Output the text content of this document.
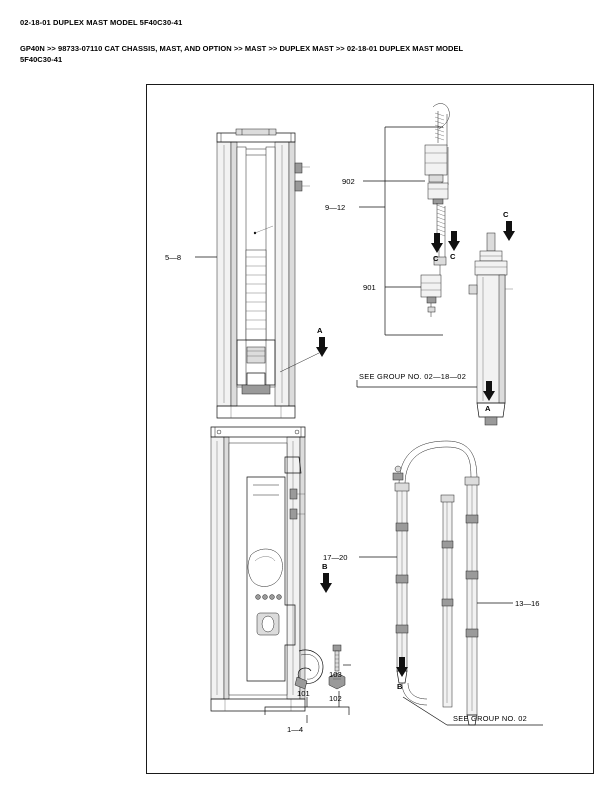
02-18-01 DUPLEX MAST MODEL 5F40C30-41
GP40N >> 98733-07110 CAT CHASSIS, MAST, AND OPTION >> MAST >> DUPLEX MAST >> 02-18-01 DUPLEX MAST MODEL
5F40C30-41
5—8
A
902
901
9—12
C C
C
SEE GROUP NO. 02—18—02
A
101
102
103
1—4
B
17—20
13—16
B
SEE GROUP NO. 02
